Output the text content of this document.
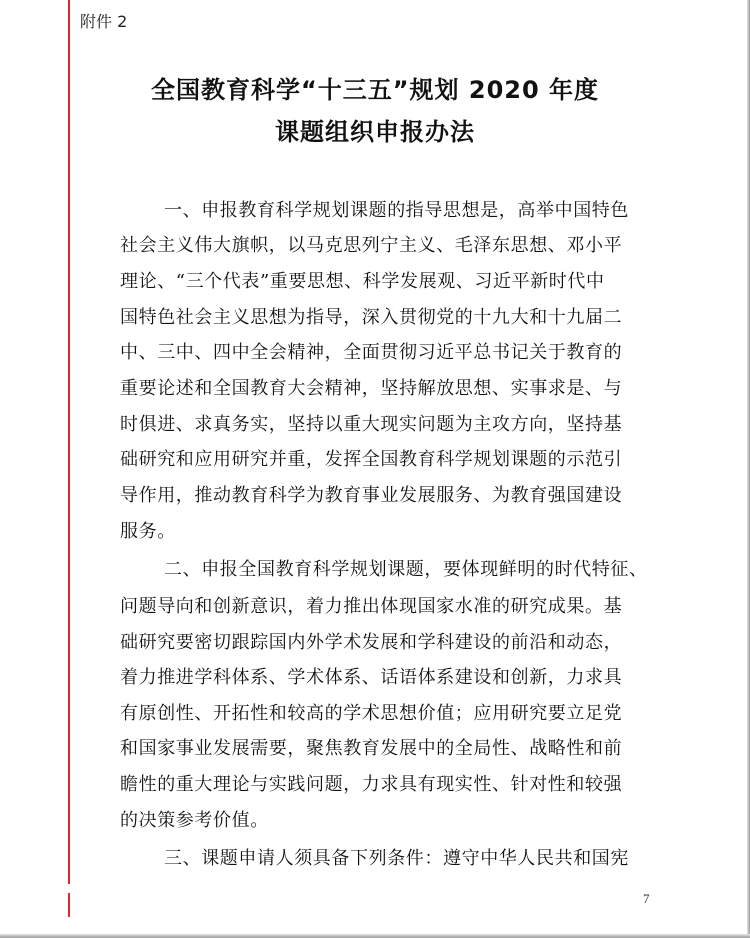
附件 2
全国教育科学“十三五”规划 2020 年度
课题组织申报办法
一、申报教育科学规划课题的指导思想是，高举中国特色
社会主义伟大旗帜，以马克思列宁主义、毛泽东思想、邓小平
理论、“三个代表”重要思想、科学发展观、习近平新时代中
国特色社会主义思想为指导，深入贯彻党的十九大和十九届二
中、三中、四中全会精神，全面贯彻习近平总书记关于教育的
重要论述和全国教育大会精神，坚持解放思想、实事求是、与
时俱进、求真务实，坚持以重大现实问题为主攻方向，坚持基
础研究和应用研究并重，发挥全国教育科学规划课题的示范引
导作用，推动教育科学为教育事业发展服务、为教育强国建设
服务。
二、申报全国教育科学规划课题，要体现鲜明的时代特征、
问题导向和创新意识，着力推出体现国家水准的研究成果。基
础研究要密切跟踪国内外学术发展和学科建设的前沿和动态，
着力推进学科体系、学术体系、话语体系建设和创新，力求具
有原创性、开拓性和较高的学术思想价值；应用研究要立足党
和国家事业发展需要，聚焦教育发展中的全局性、战略性和前
瞻性的重大理论与实践问题，力求具有现实性、针对性和较强
的决策参考价值。
三、课题申请人须具备下列条件：遵守中华人民共和国宪
7
